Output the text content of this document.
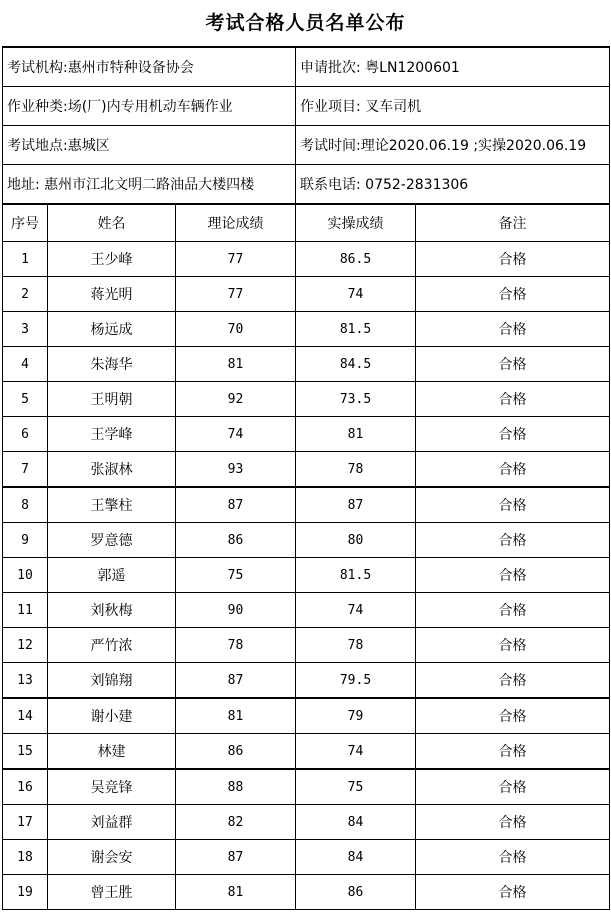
考试合格人员名单公布
考试机构:惠州市特种设备协会	申请批次: 粤LN1200601
作业种类:场(厂)内专用机动车辆作业	作业项目: 叉车司机
考试地点:惠城区	考试时间:理论2020.06.19 ;实操2020.06.19
地址: 惠州市江北文明二路油品大楼四楼	联系电话: 0752-2831306
序号	姓名	理论成绩	实操成绩	备注
1	王少峰	77	86.5	合格
2	蒋光明	77	74	合格
3	杨远成	70	81.5	合格
4	朱海华	81	84.5	合格
5	王明朝	92	73.5	合格
6	王学峰	74	81	合格
7	张淑林	93	78	合格
8	王擎柱	87	87	合格
9	罗意德	86	80	合格
10	郭遥	75	81.5	合格
11	刘秋梅	90	74	合格
12	严竹浓	78	78	合格
13	刘锦翔	87	79.5	合格
14	谢小建	81	79	合格
15	林建	86	74	合格
16	吴竞锋	88	75	合格
17	刘益群	82	84	合格
18	谢会安	87	84	合格
19	曾王胜	81	86	合格
